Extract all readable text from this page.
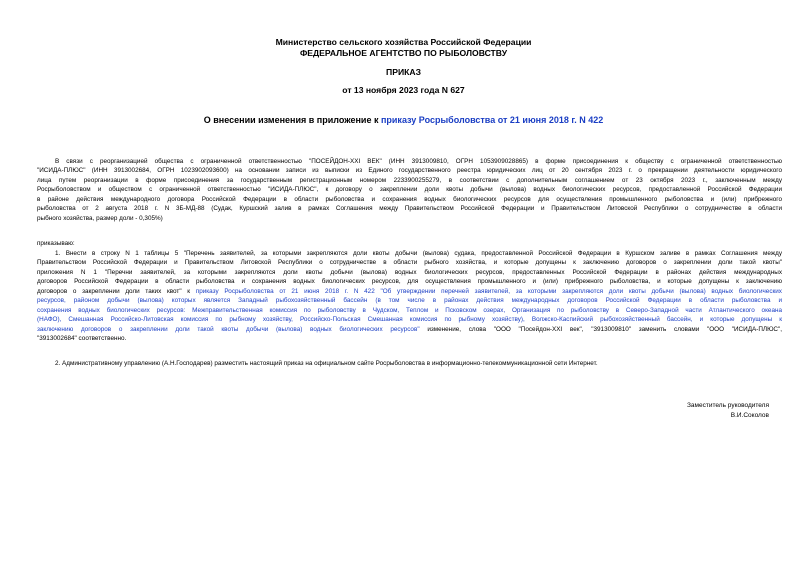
Министерство сельского хозяйства Российской Федерации
ФЕДЕРАЛЬНОЕ АГЕНТСТВО ПО РЫБОЛОВСТВУ
ПРИКАЗ
от 13 ноября 2023 года N 627
О внесении изменения в приложение к приказу Росрыболовства от 21 июня 2018 г. N 422
В связи с реорганизацией общества с ограниченной ответственностью "ПОСЕЙДОН-XXI ВЕК" (ИНН 3913009810, ОГРН 1053909028865) в форме присоединения к обществу с ограниченной ответственностью
"ИСИДА-ПЛЮС" (ИНН 3913002684, ОГРН 1023902093600) на основании записи из выписки из Единого государственного реестра юридических лиц от 20 сентября 2023 г. о прекращении деятельности юридического
лица путем реорганизации в форме присоединения за государственным регистрационным номером 2233900255279, в соответствии с дополнительным соглашением от 23 октября 2023 г., заключенным между
Росрыболовством и обществом с ограниченной ответственностью "ИСИДА-ПЛЮС", к договору о закреплении доли квоты добычи (вылова) водных биологических ресурсов, предоставленной Российской Федерации
в районе действия международного договора Российской Федерации в области рыболовства и сохранения водных биологических ресурсов для осуществления промышленного рыболовства и (или) прибрежного
рыболовства от 2 августа 2018 г. N 3Б-МД-88 (Судак, Куршский залив в рамках Соглашения между Правительством Российской Федерации и Правительством Литовской Республики о сотрудничестве в области
рыбного хозяйства, размер доли - 0,305%)
приказываю:
1. Внести в строку N 1 таблицы 5 "Перечень заявителей, за которыми закрепляются доли квоты добычи (вылова) судака, предоставленной Российской Федерации в Куршском заливе в рамках Соглашения между
Правительством Российской Федерации и Правительством Литовской Республики о сотрудничестве в области рыбного хозяйства, и которые допущены к заключению договоров о закреплении доли такой квоты"
приложения N 1 "Перечни заявителей, за которыми закрепляются доли квоты добычи (вылова) водных биологических ресурсов, предоставленных Российской Федерации в районах действия международных
договоров Российской Федерации в области рыболовства и сохранения водных биологических ресурсов, для осуществления промышленного и (или) прибрежного рыболовства, и которые допущены к заключению
договоров о закреплении доли таких квот" к приказу Росрыболовства от 21 июня 2018 г. N 422 "Об утверждении перечней заявителей, за которыми закрепляются доли квоты добычи (вылова) водных биологических
ресурсов, районом добычи (вылова) которых является Западный рыбохозяйственный бассейн (в том числе в районах действия международных договоров Российской Федерации в области рыболовства и
сохранения водных биологических ресурсов: Межправительственная комиссия по рыболовству в Чудском, Теплом и Псковском озерах, Организация по рыболовству в Северо-Западной части Атлантического океана
(НАФО), Смешанная Российско-Литовская комиссия по рыбному хозяйству, Российско-Польская Смешанная комиссия по рыбному хозяйству), Волжско-Каспийский рыбохозяйственный бассейн, и которые допущены к
заключению договоров о закреплении доли такой квоты добычи (вылова) водных биологических ресурсов" изменение, слова "ООО "Посейдон-XXI век", "3913009810" заменить словами "ООО "ИСИДА-ПЛЮС",
"3913002684" соответственно.
2. Административному управлению (А.Н.Господарев) разместить настоящий приказ на официальном сайте Росрыболовства в информационно-телекоммуникационной сети Интернет.
Заместитель руководителя
В.И.Соколов
